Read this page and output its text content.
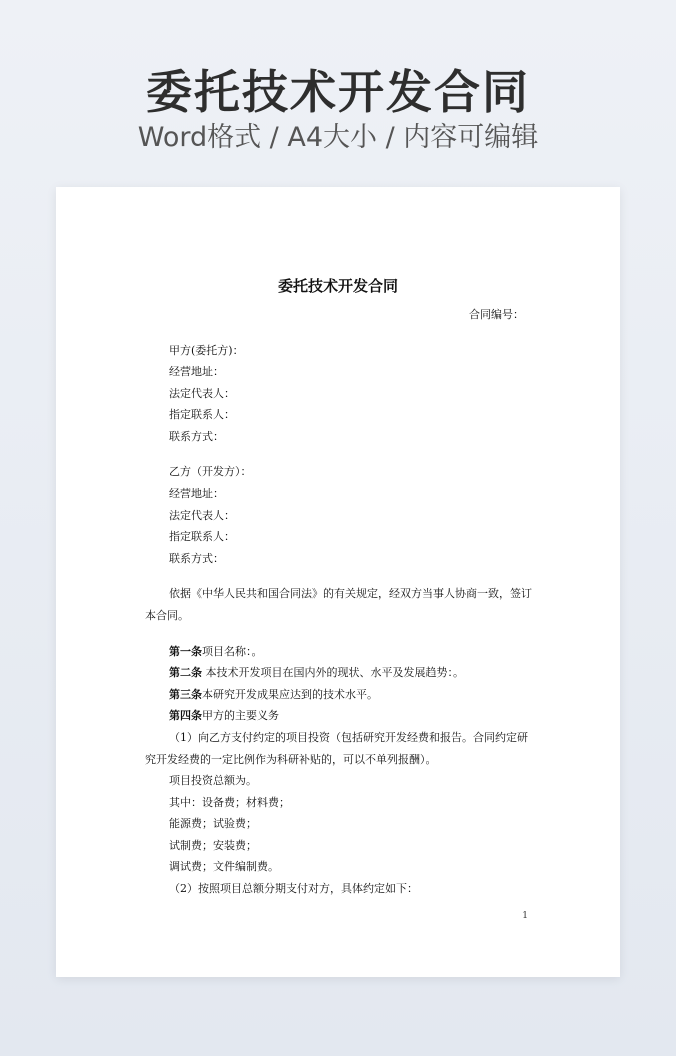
委托技术开发合同
Word格式 / A4大小 / 内容可编辑
委托技术开发合同
合同编号：
甲方(委托方)：
经营地址：
法定代表人：
指定联系人：
联系方式：
乙方（开发方）：
经营地址：
法定代表人：
指定联系人：
联系方式：
依据《中华人民共和国合同法》的有关规定，经双方当事人协商一致，签订
本合同。
第一条项目名称：。
第二条 本技术开发项目在国内外的现状、水平及发展趋势：。
第三条本研究开发成果应达到的技术水平。
第四条甲方的主要义务
（1）向乙方支付约定的项目投资（包括研究开发经费和报告。合同约定研
究开发经费的一定比例作为科研补贴的，可以不单列报酬）。
项目投资总额为。
其中：设备费；材料费；
能源费；试验费；
试制费；安装费；
调试费；文件编制费。
（2）按照项目总额分期支付对方，具体约定如下：
1
